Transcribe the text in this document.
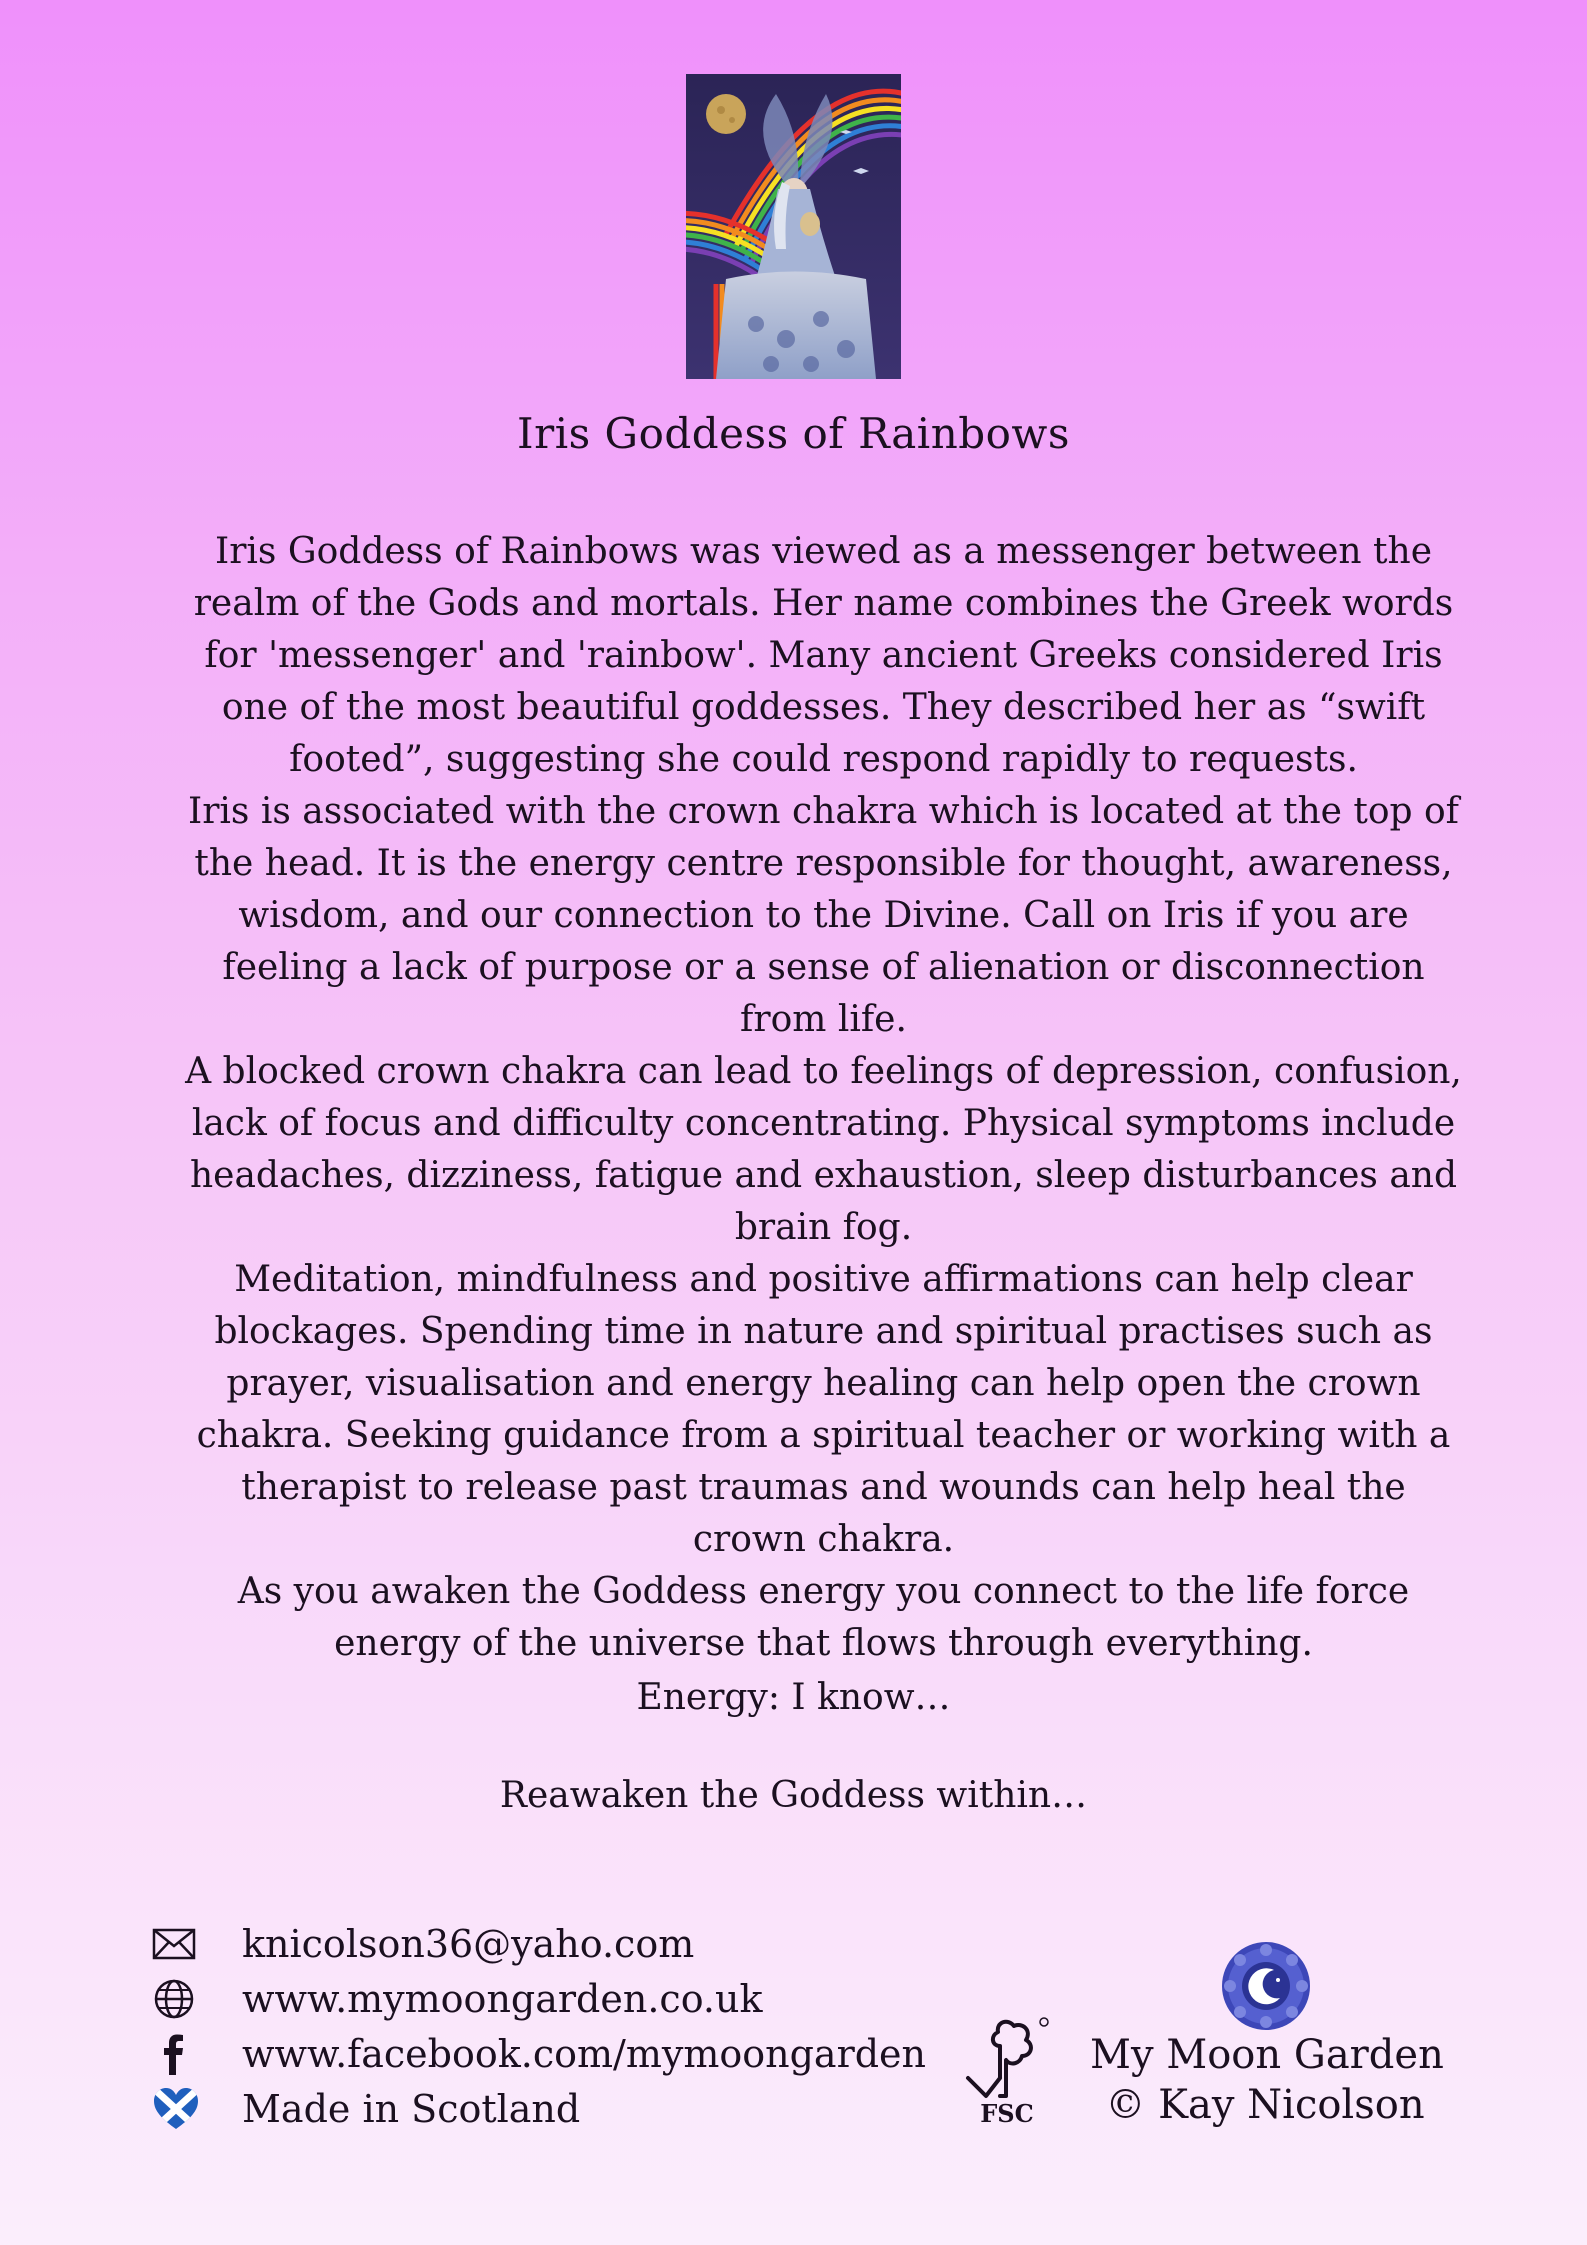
Iris Goddess of Rainbows

Iris Goddess of Rainbows was viewed as a messenger between the realm of the Gods and mortals. Her name combines the Greek words for 'messenger' and 'rainbow'. Many ancient Greeks considered Iris one of the most beautiful goddesses. They described her as “swift footed”, suggesting she could respond rapidly to requests.

Iris is associated with the crown chakra which is located at the top of the head. It is the energy centre responsible for thought, awareness, wisdom, and our connection to the Divine. Call on Iris if you are feeling a lack of purpose or a sense of alienation or disconnection from life.

A blocked crown chakra can lead to feelings of depression, confusion, lack of focus and difficulty concentrating. Physical symptoms include headaches, dizziness, fatigue and exhaustion, sleep disturbances and brain fog.

Meditation, mindfulness and positive affirmations can help clear blockages. Spending time in nature and spiritual practises such as prayer, visualisation and energy healing can help open the crown chakra. Seeking guidance from a spiritual teacher or working with a therapist to release past traumas and wounds can help heal the crown chakra.

As you awaken the Goddess energy you connect to the life force energy of the universe that flows through everything.

Energy: I know…
Reawaken the Goddess within…
knicolson36@yaho.com
www.mymoongarden.co.uk
www.facebook.com/mymoongarden
Made in Scotland	FSC
My Moon Garden
© Kay Nicolson
